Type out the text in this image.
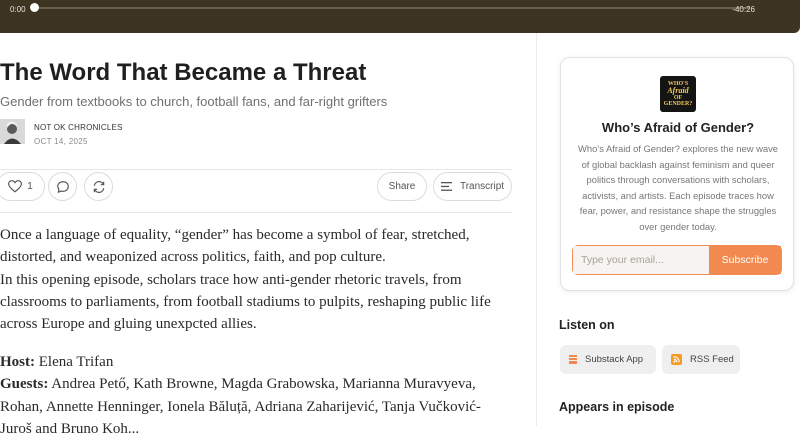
0:00	-40:26
The Word That Became a Threat
Gender from textbooks to church, football fans, and far-right grifters
NOT OK CHRONICLES
OCT 14, 2025
1	Share	Transcript
Once a language of equality, “gender” has become a symbol of fear, stretched,
distorted, and weaponized across politics, faith, and pop culture.
In this opening episode, scholars trace how anti-gender rhetoric travels, from
classrooms to parliaments, from football stadiums to pulpits, reshaping public life
across Europe and gluing unexpcted allies.
Host: Elena Trifan
Guests: Andrea Pető, Kath Browne, Magda Grabowska, Marianna Muravyeva,
Rohan, Annette Henninger, Ionela Băluță, Adriana Zaharijević, Tanja Vučković-
Juroš and Bruno Koh...
WHO'S
Afraid
OF
GENDER?
Who’s Afraid of Gender?
Who’s Afraid of Gender? explores the new wave of global backlash against feminism and queer politics through conversations with scholars, activists, and artists. Each episode traces how fear, power, and resistance shape the struggles over gender today.
Type your email...
Subscribe
Listen on
Substack App	RSS Feed
Appears in episode
